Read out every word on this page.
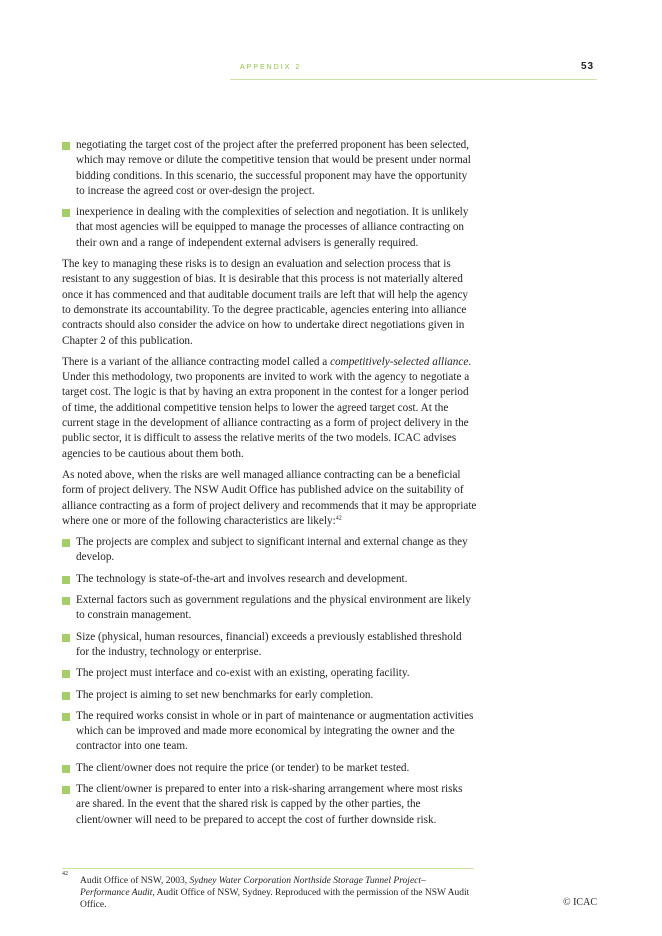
APPENDIX 2	53
negotiating the target cost of the project after the preferred proponent has been selected, which may remove or dilute the competitive tension that would be present under normal bidding conditions. In this scenario, the successful proponent may have the opportunity to increase the agreed cost or over-design the project.
inexperience in dealing with the complexities of selection and negotiation. It is unlikely that most agencies will be equipped to manage the processes of alliance contracting on their own and a range of independent external advisers is generally required.

The key to managing these risks is to design an evaluation and selection process that is resistant to any suggestion of bias. It is desirable that this process is not materially altered once it has commenced and that auditable document trails are left that will help the agency to demonstrate its accountability. To the degree practicable, agencies entering into alliance contracts should also consider the advice on how to undertake direct negotiations given in Chapter 2 of this publication.

There is a variant of the alliance contracting model called a competitively-selected alliance. Under this methodology, two proponents are invited to work with the agency to negotiate a target cost. The logic is that by having an extra proponent in the contest for a longer period of time, the additional competitive tension helps to lower the agreed target cost. At the current stage in the development of alliance contracting as a form of project delivery in the public sector, it is difficult to assess the relative merits of the two models. ICAC advises agencies to be cautious about them both.

As noted above, when the risks are well managed alliance contracting can be a beneficial form of project delivery. The NSW Audit Office has published advice on the suitability of alliance contracting as a form of project delivery and recommends that it may be appropriate where one or more of the following characteristics are likely:$^{42}$

The projects are complex and subject to significant internal and external change as they develop.
The technology is state-of-the-art and involves research and development.
External factors such as government regulations and the physical environment are likely to constrain management.
Size (physical, human resources, financial) exceeds a previously established threshold for the industry, technology or enterprise.
The project must interface and co-exist with an existing, operating facility.
The project is aiming to set new benchmarks for early completion.
The required works consist in whole or in part of maintenance or augmentation activities which can be improved and made more economical by integrating the owner and the contractor into one team.
The client/owner does not require the price (or tender) to be market tested.
The client/owner is prepared to enter into a risk-sharing arrangement where most risks are shared. In the event that the shared risk is capped by the other parties, the client/owner will need to be prepared to accept the cost of further downside risk.
42
Audit Office of NSW, 2003, Sydney Water Corporation Northside Storage Tunnel Project– Performance Audit, Audit Office of NSW, Sydney. Reproduced with the permission of the NSW Audit Office.	© ICAC
